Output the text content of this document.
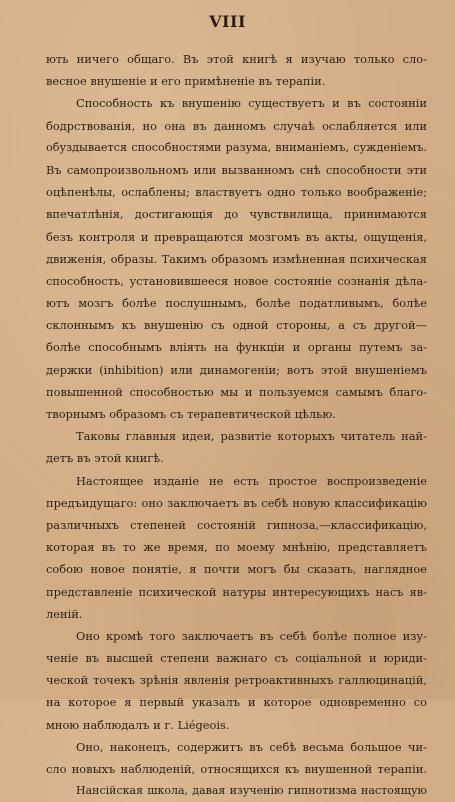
VIII
ють ничего общаго. Въ этой книгѣ я изучаю только сло-
весное внушеніе и его примѣненіе въ терапіи.
Способность къ внушенію существуетъ и въ состояніи
бодрствованія, но она въ данномъ случаѣ ослабляется или
обуздывается способностями разума, вниманіемъ, сужденіемъ.
Въ самопроизвольномъ или вызванномъ снѣ способности эти
оцѣпенѣлы, ослаблены; властвуетъ одно только воображеніе;
впечатлѣнія, достигающія до чувствилища, принимаются
безъ контроля и превращаются мозгомъ въ акты, ощущенія,
движенія, образы. Такимъ образомъ измѣненная психическая
способность, установившееся новое состояніе сознанія дѣла-
ютъ мозгъ болѣе послушнымъ, болѣе податливымъ, болѣе
склоннымъ къ внушенію съ одной стороны, а съ другой—
болѣе способнымъ вліять на функціи и органы путемъ за-
держки (inhibition) или динамогеніи; вотъ этой внушеніемъ
повышенной способностью мы и пользуемся самымъ благо-
творнымъ образомъ съ терапевтической цѣлью.
Таковы главныя идеи, развитіе которыхъ читатель най-
детъ въ этой книгѣ.
Настоящее изданіе не есть простое воспроизведеніе
предъидущаго: оно заключаетъ въ себѣ новую классификацію
различныхъ степеней состояній гипноза,—классификацію,
которая въ то же время, по моему мнѣнію, представляетъ
собою новое понятіе, я почти могъ бы сказать, наглядное
представленіе психической натуры интересующихъ насъ яв-
леній.
Оно кромѣ того заключаетъ въ себѣ болѣе полное изу-
ченіе въ высшей степени важнаго съ соціальной и юриди-
ческой точекъ зрѣнія явленія ретроактивныхъ галлюцинацій,
на которое я первый указалъ и которое одновременно со
мною наблюдалъ и г. Liégeois.
Оно, наконецъ, содержитъ въ себѣ весьма большое чи-
сло новыхъ наблюденій, относящихся къ внушенной терапіи.
Нансійская школа, давая изученію гипнотизма настоящую
